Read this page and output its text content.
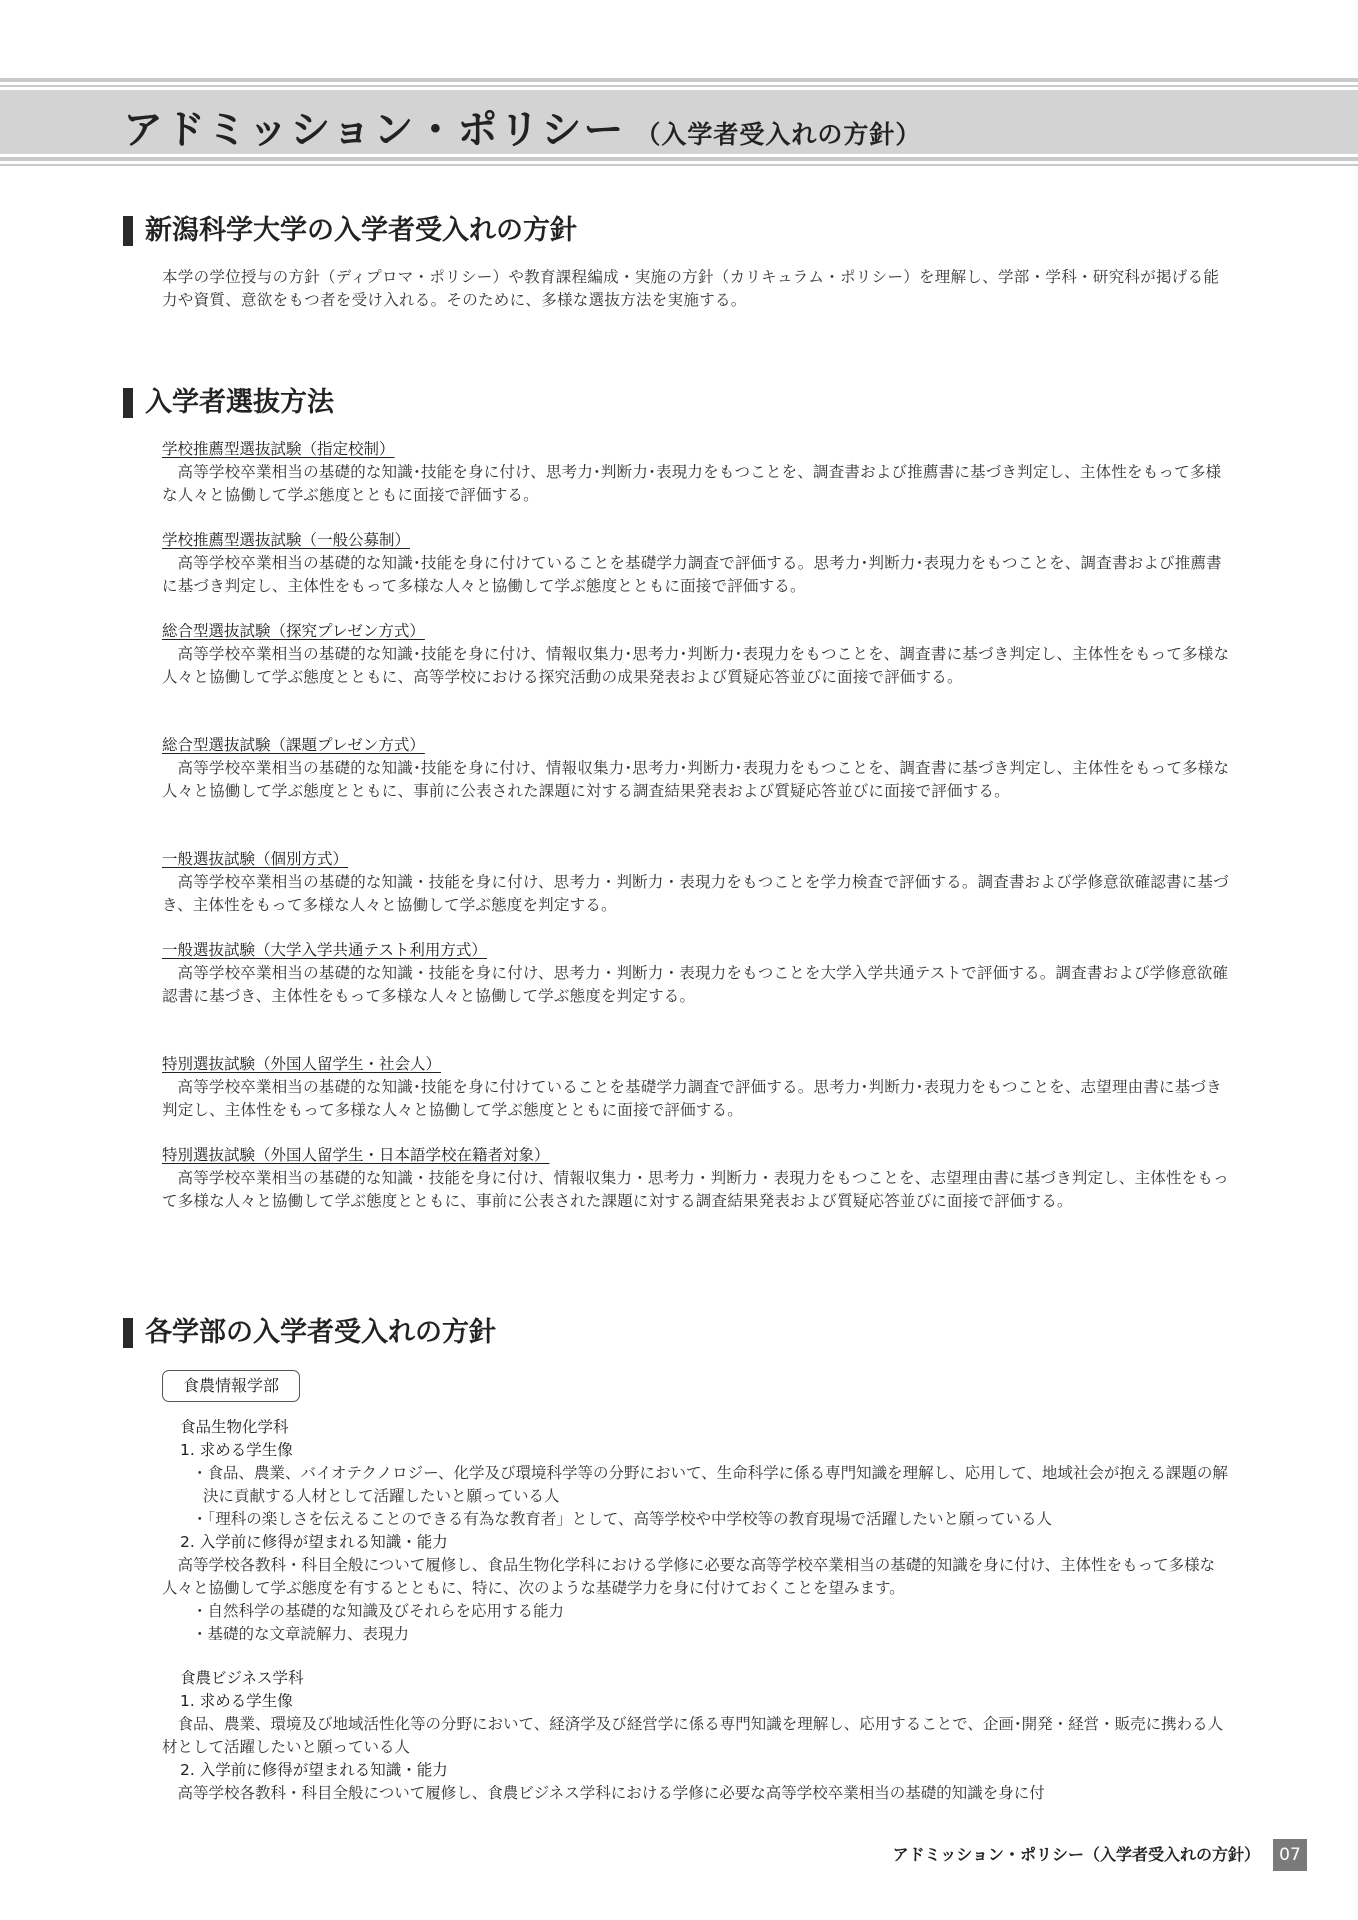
アドミッション・ポリシー （入学者受入れの方針）
新潟科学大学の入学者受入れの方針

本学の学位授与の方針（ディプロマ・ポリシー）や教育課程編成・実施の方針（カリキュラム・ポリシー）を理解し、学部・学科・研究科が掲げる能力や資質、意欲をもつ者を受け入れる。そのために、多様な選抜方法を実施する。

入学者選抜方法

学校推薦型選抜試験（指定校制）

高等学校卒業相当の基礎的な知識･技能を身に付け、思考力･判断力･表現力をもつことを、調査書および推薦書に基づき判定し、主体性をもって多様な人々と協働して学ぶ態度とともに面接で評価する。

学校推薦型選抜試験（一般公募制）

高等学校卒業相当の基礎的な知識･技能を身に付けていることを基礎学力調査で評価する。思考力･判断力･表現力をもつことを、調査書および推薦書に基づき判定し、主体性をもって多様な人々と協働して学ぶ態度とともに面接で評価する。

総合型選抜試験（探究プレゼン方式）

高等学校卒業相当の基礎的な知識･技能を身に付け、情報収集力･思考力･判断力･表現力をもつことを、調査書に基づき判定し、主体性をもって多様な人々と協働して学ぶ態度とともに、高等学校における探究活動の成果発表および質疑応答並びに面接で評価する。

総合型選抜試験（課題プレゼン方式）

高等学校卒業相当の基礎的な知識･技能を身に付け、情報収集力･思考力･判断力･表現力をもつことを、調査書に基づき判定し、主体性をもって多様な人々と協働して学ぶ態度とともに、事前に公表された課題に対する調査結果発表および質疑応答並びに面接で評価する。

一般選抜試験（個別方式）

高等学校卒業相当の基礎的な知識・技能を身に付け、思考力・判断力・表現力をもつことを学力検査で評価する。調査書および学修意欲確認書に基づき、主体性をもって多様な人々と協働して学ぶ態度を判定する。

一般選抜試験（大学入学共通テスト利用方式）

高等学校卒業相当の基礎的な知識・技能を身に付け、思考力・判断力・表現力をもつことを大学入学共通テストで評価する。調査書および学修意欲確認書に基づき、主体性をもって多様な人々と協働して学ぶ態度を判定する。

特別選抜試験（外国人留学生・社会人）

高等学校卒業相当の基礎的な知識･技能を身に付けていることを基礎学力調査で評価する。思考力･判断力･表現力をもつことを、志望理由書に基づき判定し、主体性をもって多様な人々と協働して学ぶ態度とともに面接で評価する。

特別選抜試験（外国人留学生・日本語学校在籍者対象）

高等学校卒業相当の基礎的な知識・技能を身に付け、情報収集力・思考力・判断力・表現力をもつことを、志望理由書に基づき判定し、主体性をもって多様な人々と協働して学ぶ態度とともに、事前に公表された課題に対する調査結果発表および質疑応答並びに面接で評価する。

各学部の入学者受入れの方針
食農情報学部

食品生物化学科

1. 求める学生像

・食品、農業、バイオテクノロジー、化学及び環境科学等の分野において、生命科学に係る専門知識を理解し、応用して、地域社会が抱える課題の解決に貢献する人材として活躍したいと願っている人

・「理科の楽しさを伝えることのできる有為な教育者」として、高等学校や中学校等の教育現場で活躍したいと願っている人

2. 入学前に修得が望まれる知識・能力

高等学校各教科・科目全般について履修し、食品生物化学科における学修に必要な高等学校卒業相当の基礎的知識を身に付け、主体性をもって多様な人々と協働して学ぶ態度を有するとともに、特に、次のような基礎学力を身に付けておくことを望みます。

・自然科学の基礎的な知識及びそれらを応用する能力

・基礎的な文章読解力、表現力

食農ビジネス学科

1. 求める学生像

食品、農業、環境及び地域活性化等の分野において、経済学及び経営学に係る専門知識を理解し、応用することで、企画･開発・経営・販売に携わる人材として活躍したいと願っている人

2. 入学前に修得が望まれる知識・能力

高等学校各教科・科目全般について履修し、食農ビジネス学科における学修に必要な高等学校卒業相当の基礎的知識を身に付

アドミッション・ポリシー（入学者受入れの方針）	07
